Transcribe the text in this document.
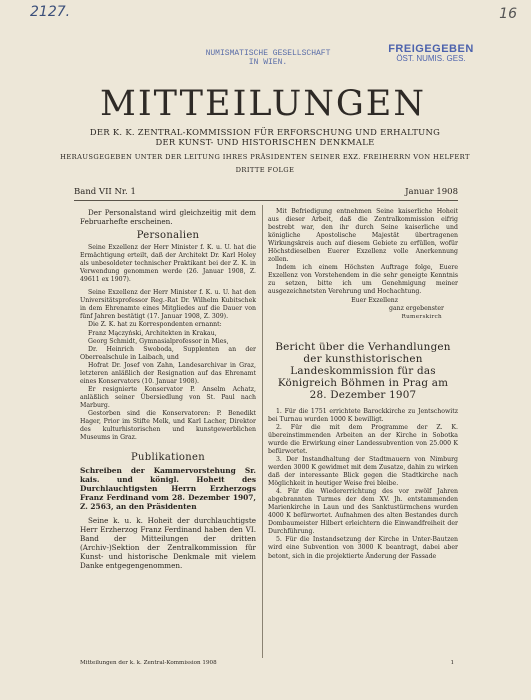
2127.	16
NUMISMATISCHE GESELLSCHAFT
IN WIEN.
FREIGEGEBEN
ÖST. NUMIS. GES.
MITTEILUNGEN
DER K. K. ZENTRAL-KOMMISSION FÜR ERFORSCHUNG UND ERHALTUNG
DER KUNST- UND HISTORISCHEN DENKMALE
HERAUSGEGEBEN UNTER DER LEITUNG IHRES PRÄSIDENTEN SEINER EXZ. FREIHERRN VON HELFERT
DRITTE FOLGE
Band VII Nr. 1	Januar 1908

Der Personalstand wird gleichzeitig mit dem Februarhefte erscheinen.

Personalien

Seine Exzellenz der Herr Minister f. K. u. U. hat die Ermächtigung erteilt, daß der Architekt Dr. Karl Holey als unbesoldeter technischer Praktikant bei der Z. K. in Verwendung genommen werde (26. Januar 1908, Z. 49611 ex 1907).

Seine Exzellenz der Herr Minister f. K. u. U. hat den Universitätsprofessor Reg.-Rat Dr. Wilhelm Kubitschek in dem Ehrenamte eines Mitgliedes auf die Dauer von fünf Jahren bestätigt (17. Januar 1908, Z. 309).

Die Z. K. hat zu Korrespondenten ernannt:

Franz Mączyński, Architekten in Krakau,

Georg Schmidt, Gymnasialprofessor in Mies,

Dr. Heinrich Swoboda, Supplenten an der Oberrealschule in Laibach, und

Hofrat Dr. Josef von Zahn, Landesarchivar in Graz, letzteren anläßlich der Resignation auf das Ehrenamt eines Konservators (10. Januar 1908).

Er resignierte Konservator P. Anselm Achatz, anläßlich seiner Übersiedlung von St. Paul nach Marburg.

Gestorben sind die Konservatoren: P. Benedikt Hager, Prior im Stifte Melk, und Karl Lacher, Direktor des kulturhistorischen und kunstgewerblichen Museums in Graz.

Publikationen

Schreiben der Kammervorstehung Sr. kais. und königl. Hoheit des Durchlauchtigsten Herrn Erzherzogs Franz Ferdinand vom 28. Dezember 1907, Z. 2563, an den Präsidenten

Seine k. u. k. Hoheit der durchlauchtigste Herr Erzherzog Franz Ferdinand haben den VI. Band der Mitteilungen der dritten (Archiv-)Sektion der Zentralkommission für Kunst- und historische Denkmale mit vielem Danke entgegengenommen.

Mit Befriedigung entnehmen Seine kaiserliche Hoheit aus dieser Arbeit, daß die Zentralkommission eifrig bestrebt war, den ihr durch Seine kaiserliche und königliche Apostolische Majestät übertragenen Wirkungskreis auch auf diesem Gebiete zu erfüllen, wofür Höchstdieselben Euerer Exzellenz volle Anerkennung zollen.

Indem ich einem Höchsten Auftrage folge, Euere Exzellenz von Vorstehendem in die sehr geneigte Kenntnis zu setzen, bitte ich um Genehmigung meiner ausgezeichnetsten Verehrung und Hochachtung.

Euer Exzellenz
ganz ergebenster
Rumerskirch
Bericht über die Verhandlungen der kunsthistorischen Landeskommission für das Königreich Böhmen in Prag am 28. Dezember 1907

1. Für die 1751 errichtete Barockkirche zu Jentschowitz bei Turnau wurden 1000 K bewilligt.

2. Für die mit dem Programme der Z. K. übereinstimmenden Arbeiten an der Kirche in Sobotka wurde die Erwirkung einer Landessubvention von 25.000 K befürwortet.

3. Der Instandhaltung der Stadtmauern von Nimburg werden 3000 K gewidmet mit dem Zusatze, dahin zu wirken daß der interessante Blick gegen die Stadtkirche nach Möglichkeit in heutiger Weise frei bleibe.

4. Für die Wiedererrichtung des vor zwölf Jahren abgebrannten Turmes der dem XV. Jh. entstammenden Marienkirche in Laun und des Sanktustürmchens wurden 4000 K befürwortet. Aufnahmen des alten Bestandes durch Dombaumeister Hilbert erleichtern die Einwandfreiheit der Durchführung.

5. Für die Instandsetzung der Kirche in Unter-Bautzen wird eine Subvention von 3000 K beantragt, dabei aber betont, sich in die projektierte Änderung der Fassade

Mitteilungen der k. k. Zentral-Kommission 1908	1
